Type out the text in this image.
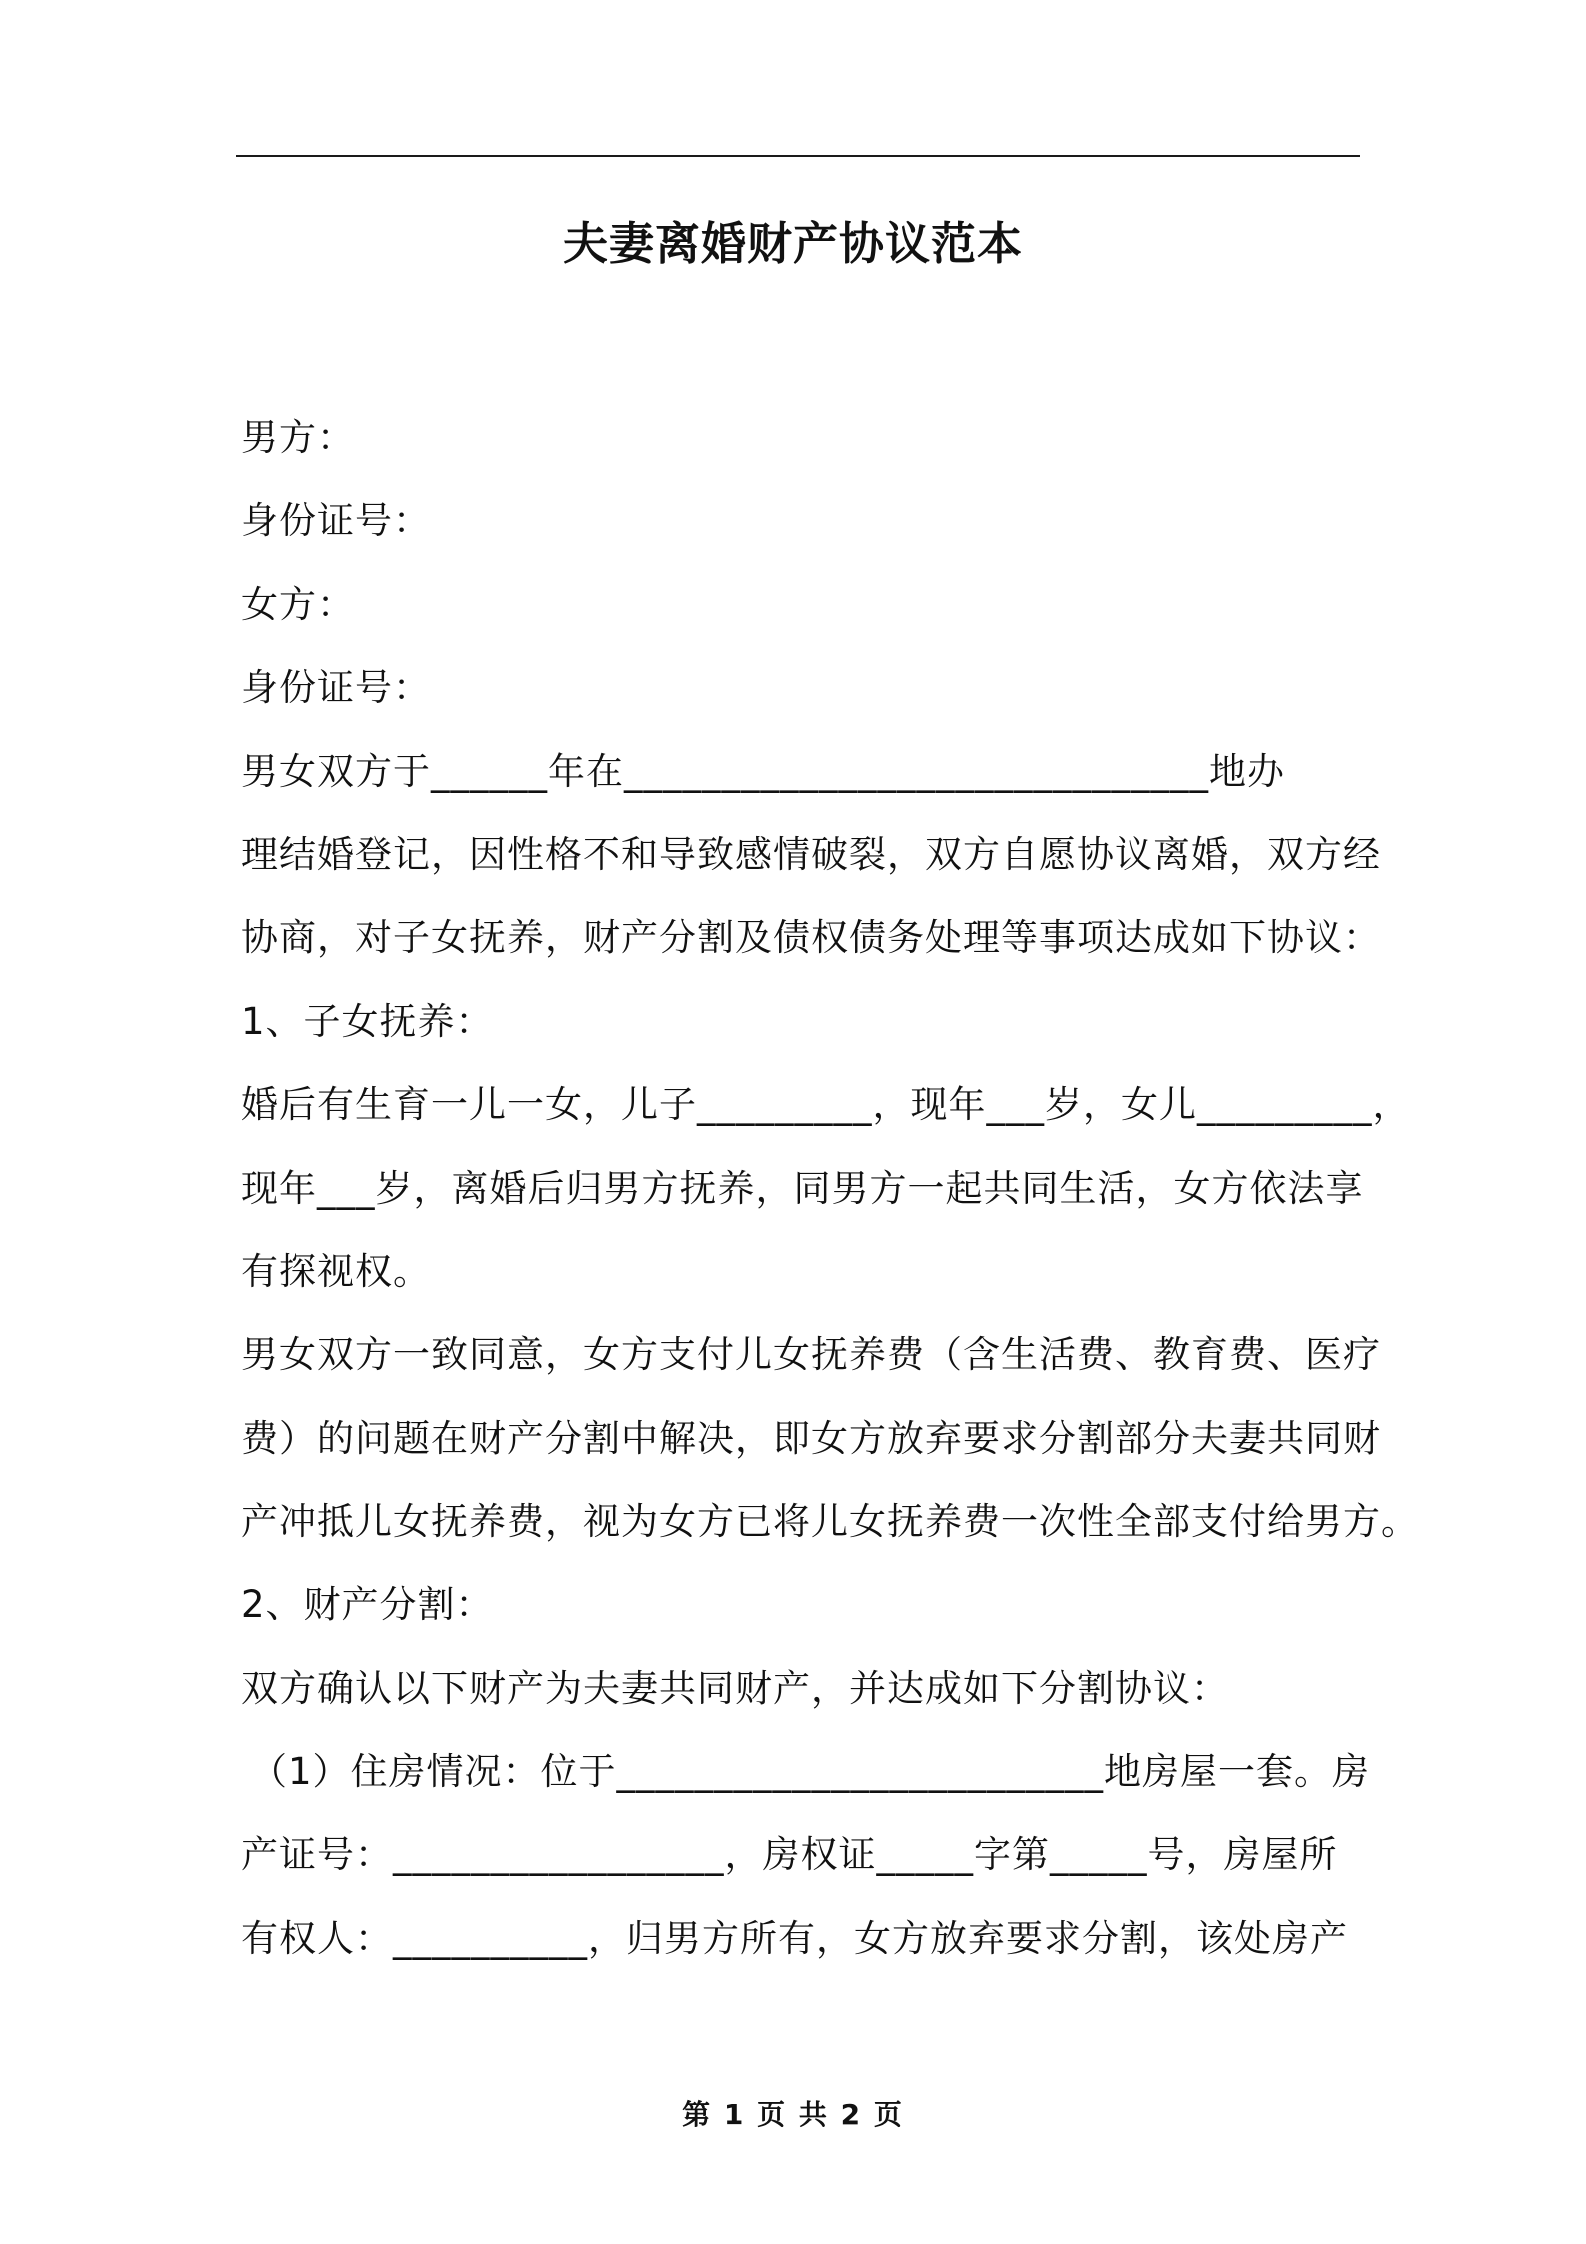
夫妻离婚财产协议范本
男方：
身份证号：
女方：
身份证号：
男女双方于______年在______________________________地办
理结婚登记，因性格不和导致感情破裂，双方自愿协议离婚，双方经
协商，对子女抚养，财产分割及债权债务处理等事项达成如下协议：
1、子女抚养：
婚后有生育一儿一女，儿子_________，现年___岁，女儿_________，
现年___岁，离婚后归男方抚养，同男方一起共同生活，女方依法享
有探视权。
男女双方一致同意，女方支付儿女抚养费（含生活费、教育费、医疗
费）的问题在财产分割中解决，即女方放弃要求分割部分夫妻共同财
产冲抵儿女抚养费，视为女方已将儿女抚养费一次性全部支付给男方。
2、财产分割：
双方确认以下财产为夫妻共同财产，并达成如下分割协议：
（1）住房情况：位于_________________________地房屋一套。房
产证号：_________________，房权证_____字第_____号，房屋所
有权人：__________，归男方所有，女方放弃要求分割，该处房产
第 1 页 共 2 页
